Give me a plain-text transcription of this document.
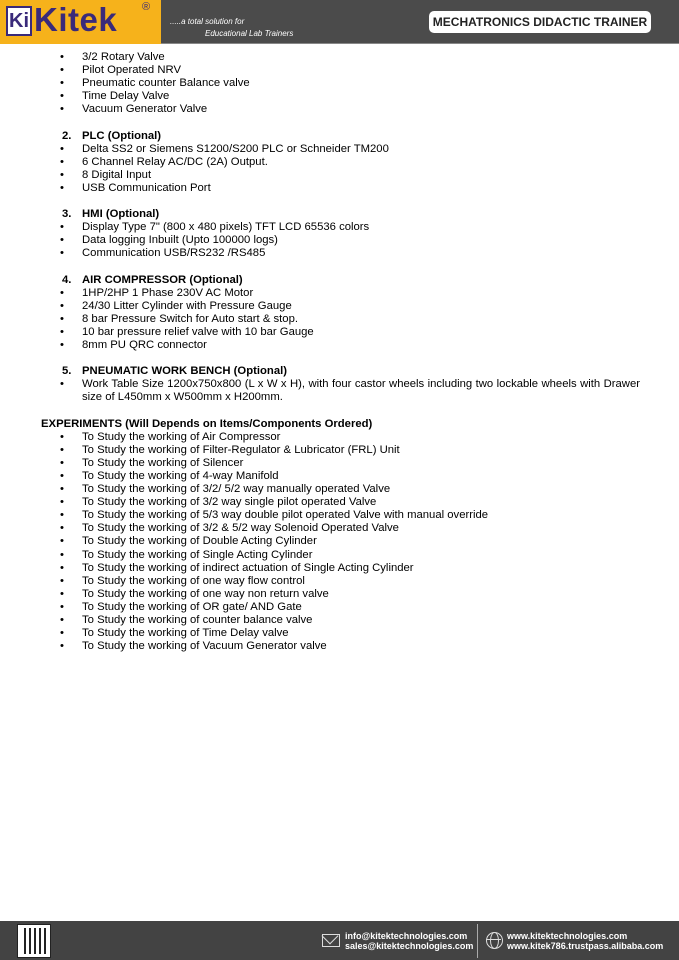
Ki Kitek ®
.....a total solution for
Educational Lab Trainers
MECHATRONICS DIDACTIC TRAINER
• 3/2 Rotary Valve
• Pilot Operated NRV
• Pneumatic counter Balance valve
• Time Delay Valve
• Vacuum Generator Valve
2. PLC (Optional)
• Delta SS2 or Siemens S1200/S200 PLC or Schneider TM200
• 6 Channel Relay AC/DC (2A) Output.
• 8 Digital Input
• USB Communication Port
3. HMI (Optional)
• Display Type 7" (800 x 480 pixels) TFT LCD 65536 colors
• Data logging Inbuilt (Upto 100000 logs)
• Communication USB/RS232 /RS485
4. AIR COMPRESSOR (Optional)
• 1HP/2HP 1 Phase 230V AC Motor
• 24/30 Litter Cylinder with Pressure Gauge
• 8 bar Pressure Switch for Auto start & stop.
• 10 bar pressure relief valve with 10 bar Gauge
• 8mm PU QRC connector
5. PNEUMATIC WORK BENCH (Optional)
• Work Table Size 1200x750x800 (L x W x H), with four castor wheels including two lockable wheels with Drawer size of L450mm x W500mm x H200mm.
EXPERIMENTS (Will Depends on Items/Components Ordered)
• To Study the working of Air Compressor
• To Study the working of Filter-Regulator & Lubricator (FRL) Unit
• To Study the working of Silencer
• To Study the working of 4-way Manifold
• To Study the working of 3/2/ 5/2 way manually operated Valve
• To Study the working of 3/2 way single pilot operated Valve
• To Study the working of 5/3 way double pilot operated Valve with manual override
• To Study the working of 3/2 & 5/2 way Solenoid Operated Valve
• To Study the working of Double Acting Cylinder
• To Study the working of Single Acting Cylinder
• To Study the working of indirect actuation of Single Acting Cylinder
• To Study the working of one way flow control
• To Study the working of one way non return valve
• To Study the working of OR gate/ AND Gate
• To Study the working of counter balance valve
• To Study the working of Time Delay valve
• To Study the working of Vacuum Generator valve
info@kitektechnologies.com
sales@kitektechnologies.com
www.kitektechnologies.com
www.kitek786.trustpass.alibaba.com
